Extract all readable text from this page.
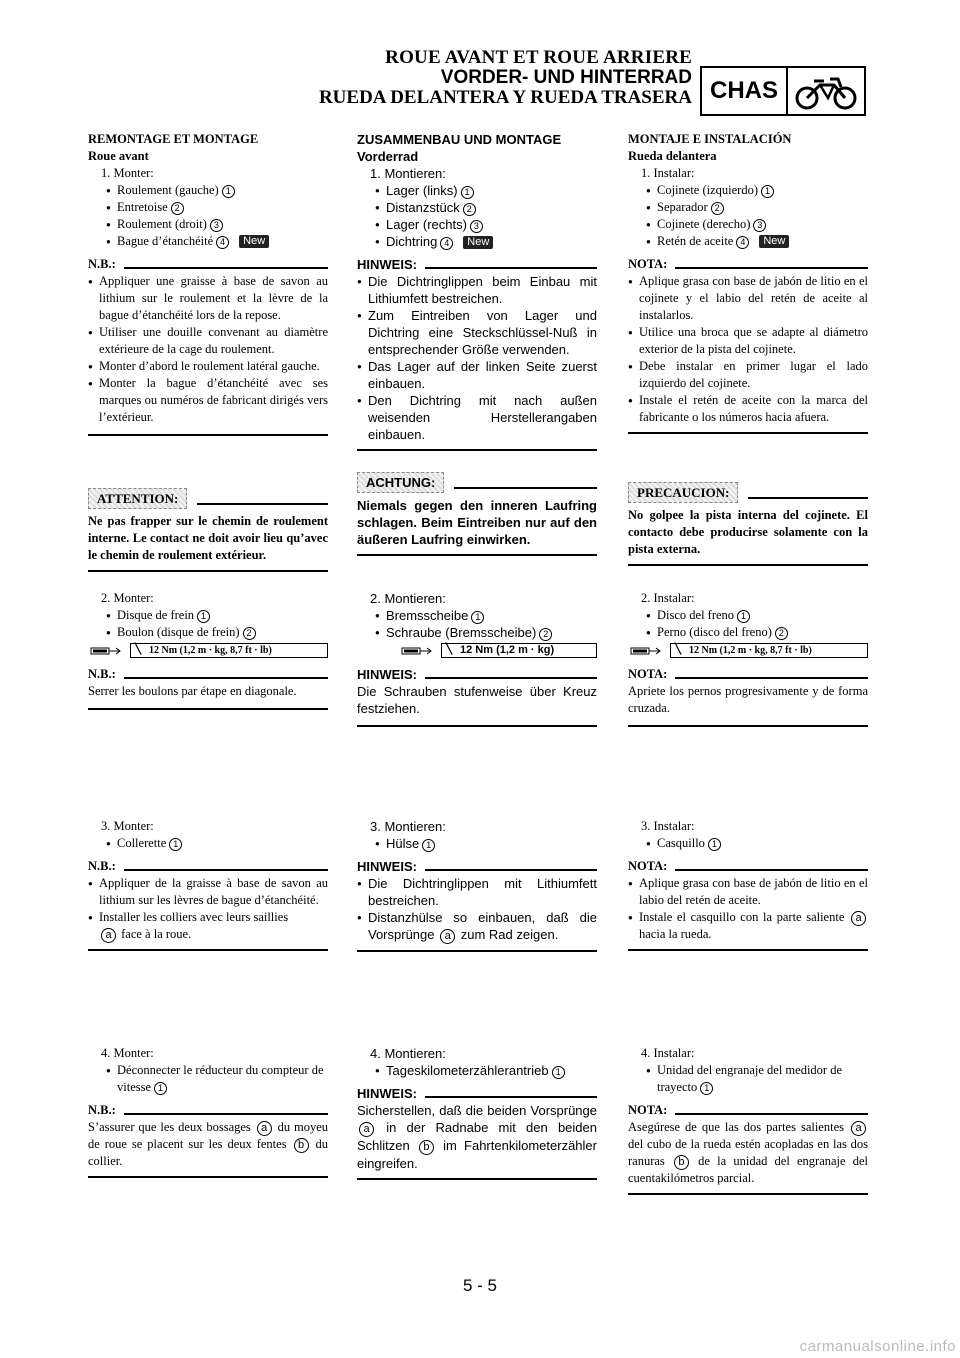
ROUE AVANT ET ROUE ARRIERE
VORDER- UND HINTERRAD
RUEDA DELANTERA Y RUEDA TRASERA CHAS
REMONTAGE ET MONTAGE
Roue avant
1. Monter:
● Roulement (gauche) 1
● Entretoise 2
● Roulement (droit) 3
● Bague d’étanchéité 4 New
N.B.:
● Appliquer une graisse à base de savon au lithium sur le roulement et la lèvre de la bague d’étanchéité lors de la repose.
● Utiliser une douille convenant au diamètre extérieure de la cage du roulement.
● Monter d’abord le roulement latéral gauche.
● Monter la bague d’étanchéité avec ses marques ou numéros de fabricant dirigés vers l’extérieur.
ATTENTION:
Ne pas frapper sur le chemin de roulement interne. Le contact ne doit avoir lieu qu’avec le chemin de roulement extérieur.
2. Monter:
● Disque de frein 1
● Boulon (disque de frein) 2
╲ 12 Nm (1,2 m · kg, 8,7 ft · lb)
N.B.:
Serrer les boulons par étape en diagonale.
3. Monter:
● Collerette 1
N.B.:
● Appliquer de la graisse à base de savon au lithium sur les lèvres de bague d’étanchéité.
● Installer les colliers avec leurs saillies
a face à la roue.
4. Monter:
● Déconnecter le réducteur du compteur de vitesse 1
N.B.:
S’assurer que les deux bossages a du moyeu de roue se placent sur les deux fentes b du collier.
ZUSAMMENBAU UND MONTAGE
Vorderrad
1. Montieren:
● Lager (links) 1
● Distanzstück 2
● Lager (rechts) 3
● Dichtring 4 New
HINWEIS:
● Die Dichtringlippen beim Einbau mit Lithiumfett bestreichen.
● Zum Eintreiben von Lager und Dichtring eine Steckschlüssel-Nuß in entsprechender Größe verwenden.
● Das Lager auf der linken Seite zuerst einbauen.
● Den Dichtring mit nach außen weisenden Herstellerangaben einbauen.
ACHTUNG:
Niemals gegen den inneren Laufring schlagen. Beim Eintreiben nur auf den äußeren Laufring einwirken.
2. Montieren:
● Bremsscheibe 1
● Schraube (Bremsscheibe) 2
╲ 12 Nm (1,2 m · kg)
HINWEIS:
Die Schrauben stufenweise über Kreuz festziehen.
3. Montieren:
● Hülse 1
HINWEIS:
● Die Dichtringlippen mit Lithiumfett bestreichen.
● Distanzhülse so einbauen, daß die Vorsprünge a zum Rad zeigen.
4. Montieren:
● Tageskilometerzählerantrieb 1
HINWEIS:
Sicherstellen, daß die beiden Vorsprünge a in der Radnabe mit den beiden Schlitzen b im Fahrtenkilometerzähler eingreifen.
MONTAJE E INSTALACIÓN
Rueda delantera
1. Instalar:
● Cojinete (izquierdo) 1
● Separador 2
● Cojinete (derecho) 3
● Retén de aceite 4 New
NOTA:
● Aplique grasa con base de jabón de litio en el cojinete y el labio del retén de aceite al instalarlos.
● Utilice una broca que se adapte al diámetro exterior de la pista del cojinete.
● Debe instalar en primer lugar el lado izquierdo del cojinete.
● Instale el retén de aceite con la marca del fabricante o los números hacia afuera.
PRECAUCION:
No golpee la pista interna del cojinete. El contacto debe producirse solamente con la pista externa.
2. Instalar:
● Disco del freno 1
● Perno (disco del freno) 2
╲ 12 Nm (1,2 m · kg, 8,7 ft · lb)
NOTA:
Apriete los pernos progresivamente y de forma cruzada.
3. Instalar:
● Casquillo 1
NOTA:
● Aplique grasa con base de jabón de litio en el labio del retén de aceite.
● Instale el casquillo con la parte saliente a hacia la rueda.
4. Instalar:
● Unidad del engranaje del medidor de trayecto 1
NOTA:
Asegúrese de que las dos partes salientes a del cubo de la rueda estén acopladas en las dos ranuras b de la unidad del engranaje del cuentakilómetros parcial.
5 - 5
carmanualsonline.info
